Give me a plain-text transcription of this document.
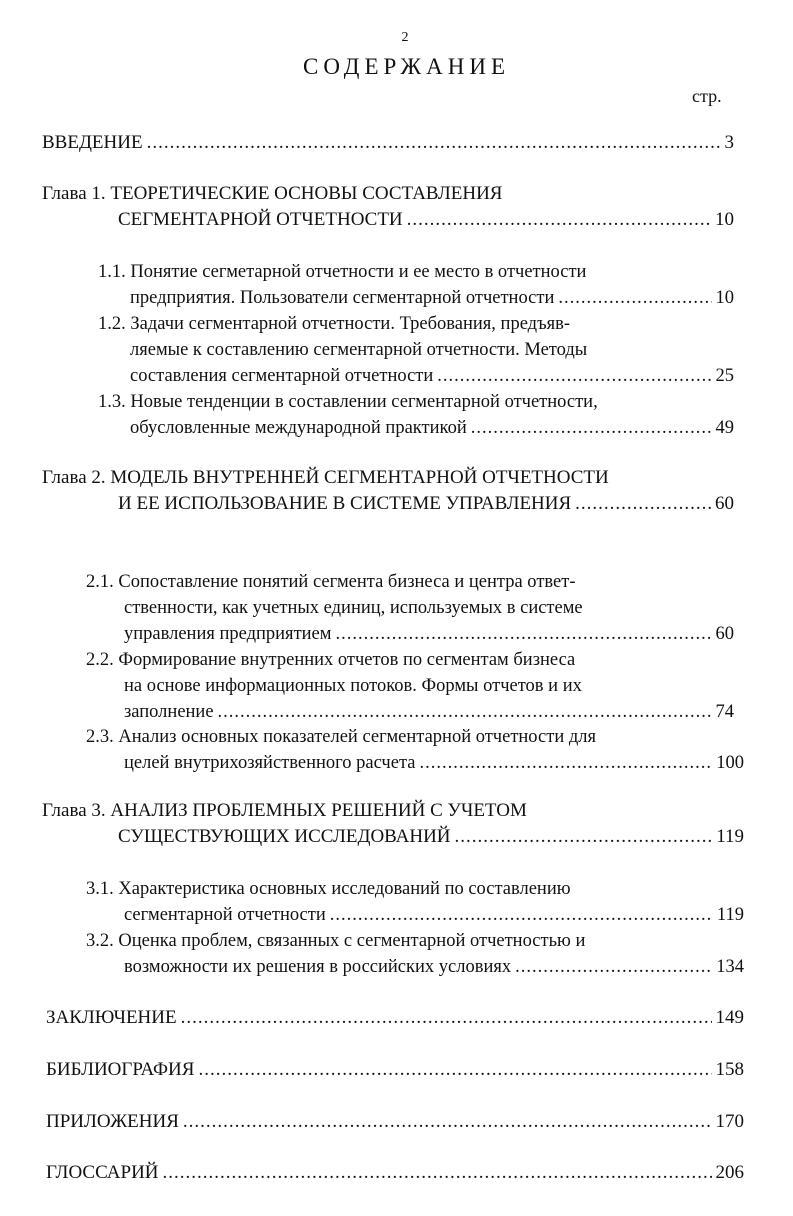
2
СОДЕРЖАНИЕ
стр.
ВВЕДЕНИЕ .....	3
Глава 1. ТЕОРЕТИЧЕСКИЕ ОСНОВЫ СОСТАВЛЕНИЯ
СЕГМЕНТАРНОЙ ОТЧЕТНОСТИ .....	10
1.1. Понятие сегметарной отчетности и ее место в отчетности
предприятия. Пользователи сегментарной отчетности .....	10
1.2. Задачи сегментарной отчетности. Требования, предъяв-
ляемые к составлению сегментарной отчетности. Методы
составления сегментарной отчетности .....	25
1.3. Новые тенденции в составлении сегментарной отчетности,
обусловленные международной практикой .....	49
Глава 2. МОДЕЛЬ ВНУТРЕННЕЙ СЕГМЕНТАРНОЙ ОТЧЕТНОСТИ
И ЕЕ ИСПОЛЬЗОВАНИЕ В СИСТЕМЕ УПРАВЛЕНИЯ .....	60
2.1. Сопоставление понятий сегмента бизнеса и центра ответ-
ственности, как учетных единиц, используемых в системе
управления предприятием .....	60
2.2. Формирование внутренних отчетов по сегментам бизнеса
на основе информационных потоков. Формы отчетов и их
заполнение .....	74
2.3. Анализ основных показателей сегментарной отчетности для
целей внутрихозяйственного расчета .....	100
Глава 3. АНАЛИЗ ПРОБЛЕМНЫХ РЕШЕНИЙ С УЧЕТОМ
СУЩЕСТВУЮЩИХ ИССЛЕДОВАНИЙ .....	119
3.1. Характеристика основных исследований по составлению
сегментарной отчетности .....	119
3.2. Оценка проблем, связанных с сегментарной отчетностью и
возможности их решения в российских условиях .....	134
ЗАКЛЮЧЕНИЕ .....	149
БИБЛИОГРАФИЯ .....	158
ПРИЛОЖЕНИЯ .....	170
ГЛОССАРИЙ .....	206
